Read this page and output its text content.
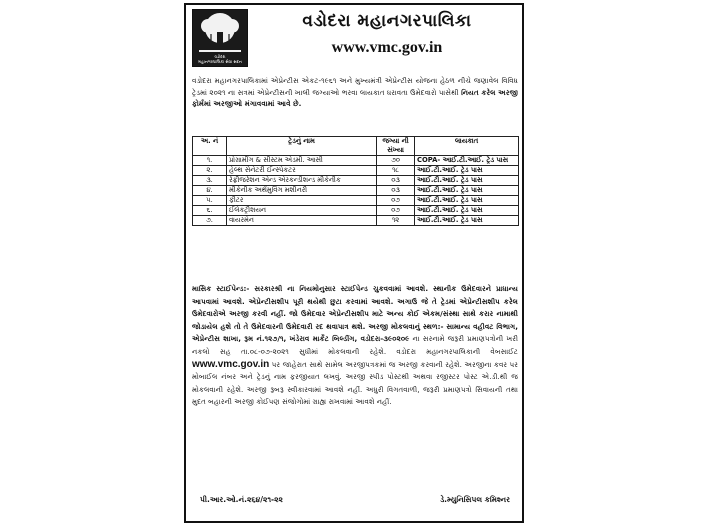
વડોદરા
મહાનગરપાલિકા સેવા સદન
વડોદરા મહાનગરપાલિકા
www.vmc.gov.in
વડોદરા મહાનગરપાલિકામાં એપ્રેન્ટીસ એકટ-૧૯૬૧ અને મુખ્યમંત્રી એપ્રેન્ટીસ યોજના હેઠળ નીચે જણાવેલ વિવિધ ટ્રેડમાં ૨૦૨૧ ના સત્રમાં એપ્રેન્ટીસની ખાલી જગ્યાઓ ભરવા લાયકાત ધરાવતા ઉમેદવારો પાસેથી નિયત કરેલ અરજી ફોર્મમાં અરજીઓ મંગાવવામાં આવે છે.
અ. નં	ટ્રેડનું નામ	જગ્યા ની સંખ્યા	લાયકાત
૧.	પ્રોગ્રામીંગ & સીસ્ટમ એડમી. આસી	૭૦	COPA- આઈ.ટી.આઈ. ટ્રેડ પાસ
૨.	હેલ્થ સેનેટરી ઈન્સ્પેકટર	૧૮	આઈ.ટી.આઈ. ટ્રેડ પાસ
૩.	રેફ્રીજરેશન એન્ડ એરકન્ડીશન્ડ મીકેનીક	૦૩	આઈ.ટી.આઈ. ટ્રેડ પાસ
૪.	મીકેનીક અર્થમુવિંગ મશીનરી	૦૩	આઈ.ટી.આઈ. ટ્રેડ પાસ
૫.	ફીટર	૦૭	આઈ.ટી.આઈ. ટ્રેડ પાસ
૬.	ઈલેકટ્રીશયન	૦૭	આઈ.ટી.આઈ. ટ્રેડ પાસ
૭.	વાયરમેન	૧૨	આઈ.ટી.આઈ. ટ્રેડ પાસ
માસિક સ્ટાઈપેન્ડ:- સરકારશ્રી ના નિયમોનુસાર સ્ટાઈપેન્ડ ચુકવવામાં આવશે. સ્થાનીક ઉમેદવારને પ્રાધાન્ય આપવામાં આવશે. એપ્રેન્ટીસશીપ પૂરી થયેથી છુટા કરવામાં આવશે. અગાઉ જે તે ટ્રેડમાં એપ્રેન્ટીસશીપ કરેલ ઉમેદવારોએ અરજી કરવી નહીં. જો ઉમેદવાર એપ્રેન્ટીસશીપ માટે અન્ય કોઈ એકમ/સંસ્થા સાથે કરાર નામાથી જોડાયેલ હશે તો તે ઉમેદવારની ઉમેદવારી રદ થવાપાત્ર થશે. અરજી મોકલવાનું સ્થળ:- સામાન્ય વહીવટ વિભાગ, એપ્રેન્ટીસ શાખા, રૂમ નં.૧૨૭/૧, ખંડેરાવ માર્કેટ બિલ્ડીંગ, વડોદરા-૩૯૦૨૦૯ ના સરનામે જરૂરી પ્રમાણપત્રોની ખરી નકલો સહ તા.૦૮-૦૭-૨૦૨૧ સુધીમાં મોકલવાની રહેશે. વડોદરા મહાનગરપાલિકાની વેબસાઈટ www.vmc.gov.in પર જાહેરાત સાથે સામેલ અરજીપત્રકમાં જ અરજી કરવાની રહેશે. અરજીના કવર પર મોબાઈલ નંબર અને ટ્રેડનું નામ ફરજીયાત લખવું. અરજી સ્પીડ પોસ્ટથી અથવા રજીસ્ટર પોસ્ટ એ.ડી.થી જ મોકલવાની રહેશે. અરજી રૂબરૂ સ્વીકારવામાં આવશે નહીં. અધુરી વિગતવાળી, જરૂરી પ્રમાણપત્રો સિવાયની તથા મુદત બહારની અરજી કોઈપણ સંજોગોમાં ગ્રાહ્ય રાખવામાં આવશે નહીં.
પી.આર.ઓ.નં.૨૬૪/૨૧-૨૨	ડે.મ્યુનિસિપલ કમિશ્નર
